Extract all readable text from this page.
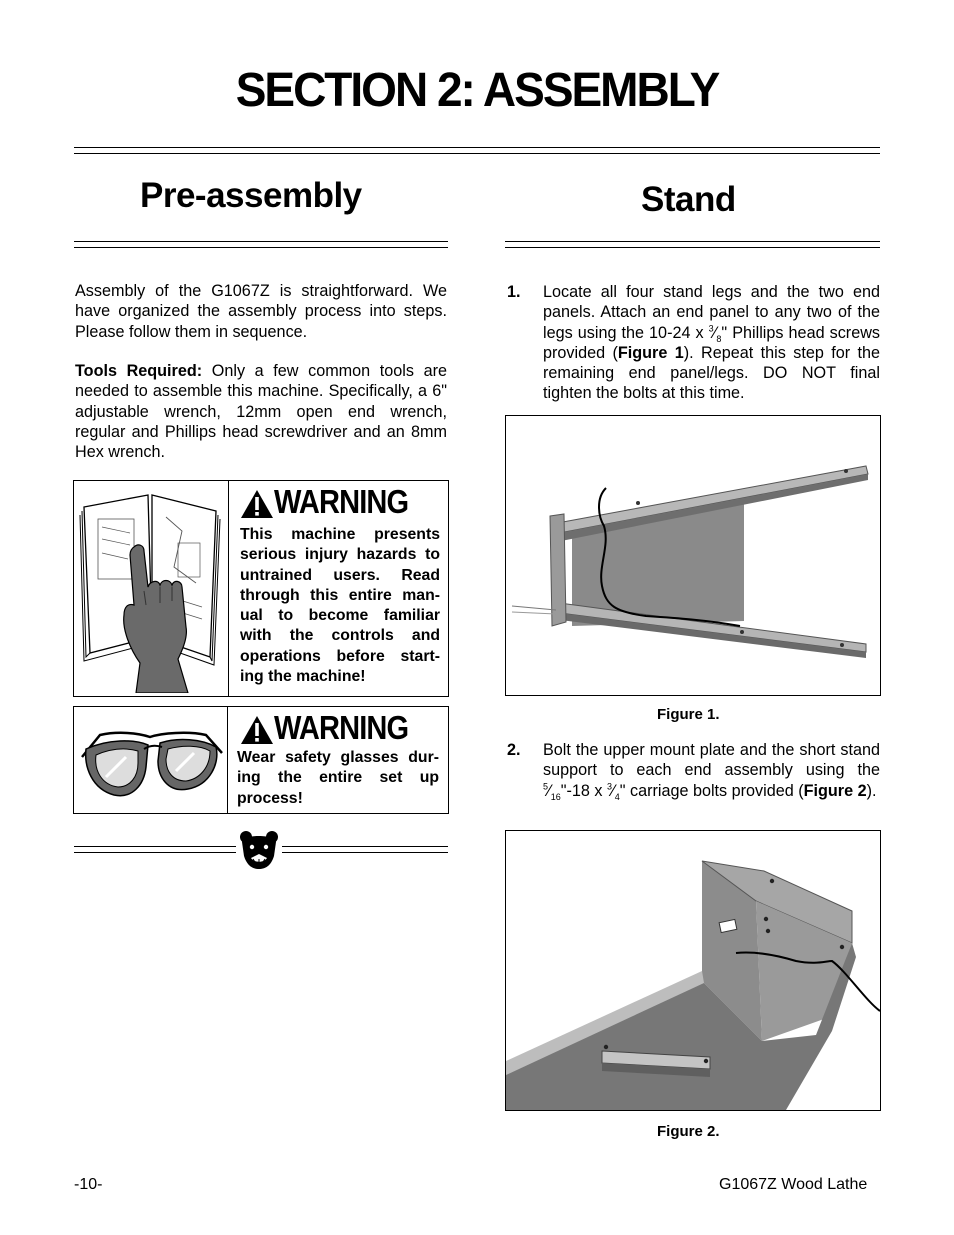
SECTION 2: ASSEMBLY
Pre-assembly	Stand
Assembly of the G1067Z is straightforward. We have organized the assembly process into steps. Please follow them in sequence.
Tools Required: Only a few common tools are needed to assemble this machine. Specifically, a 6" adjustable wrench, 12mm open end wrench, regular and Phillips head screwdriver and an 8mm Hex wrench.
WARNING
This machine presents serious injury hazards to untrained users. Read through this entire man-ual to become familiar with the controls and operations before start-ing the machine!
WARNING
Wear safety glasses dur-ing the entire set up process!
1. Locate all four stand legs and the two end panels. Attach an end panel to any two of the legs using the 10-24 x $^3⁄_8$" Phillips head screws provided (Figure 1). Repeat this step for the remaining end panel/legs. DO NOT final tighten the bolts at this time.
Figure 1.
2. Bolt the upper mount plate and the short stand support to each end assembly using the $^5⁄_{16}"-18$ x $^3⁄_4$" carriage bolts provided (Figure 2).
Figure 2.
-10-	G1067Z Wood Lathe
